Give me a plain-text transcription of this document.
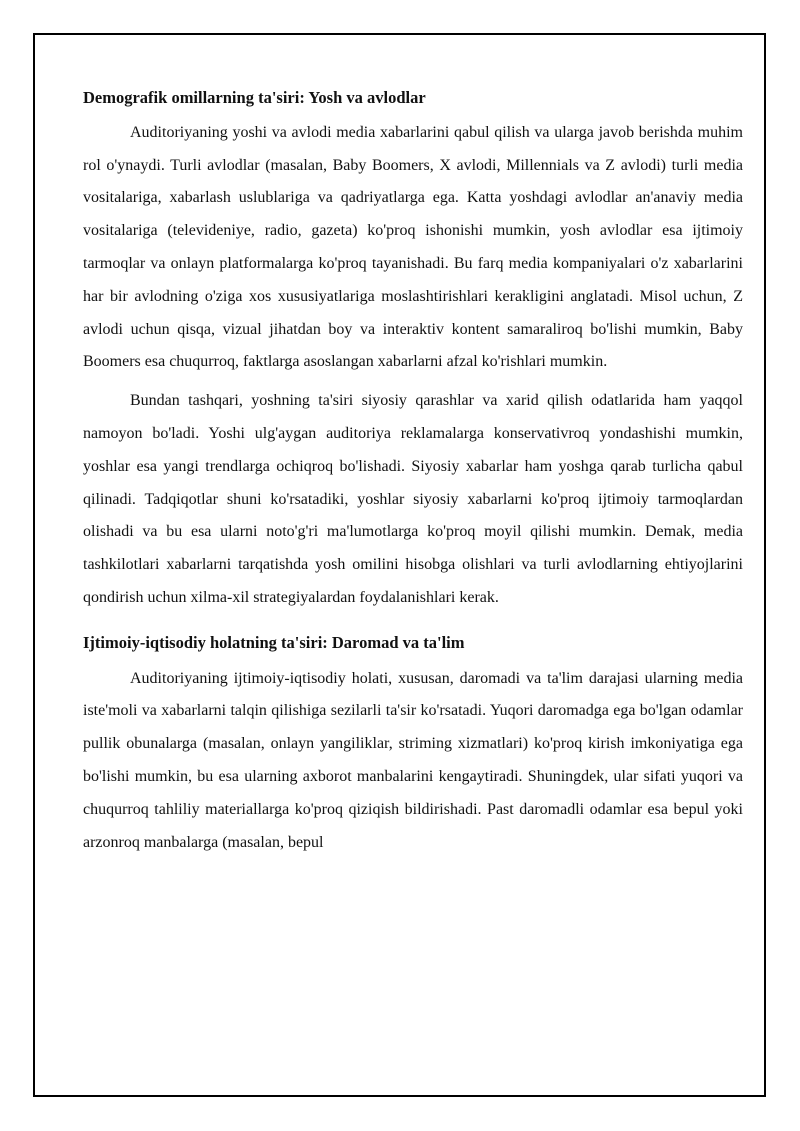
Demografik omillarning ta'siri: Yosh va avlodlar

Auditoriyaning yoshi va avlodi media xabarlarini qabul qilish va ularga javob berishda muhim rol o'ynaydi. Turli avlodlar (masalan, Baby Boomers, X avlodi, Millennials va Z avlodi) turli media vositalariga, xabarlash uslublariga va qadriyatlarga ega. Katta yoshdagi avlodlar an'anaviy media vositalariga (televideniye, radio, gazeta) ko'proq ishonishi mumkin, yosh avlodlar esa ijtimoiy tarmoqlar va onlayn platformalarga ko'proq tayanishadi. Bu farq media kompaniyalari o'z xabarlarini har bir avlodning o'ziga xos xususiyatlariga moslashtirishlari kerakligini anglatadi. Misol uchun, Z avlodi uchun qisqa, vizual jihatdan boy va interaktiv kontent samaraliroq bo'lishi mumkin, Baby Boomers esa chuqurroq, faktlarga asoslangan xabarlarni afzal ko'rishlari mumkin.

Bundan tashqari, yoshning ta'siri siyosiy qarashlar va xarid qilish odatlarida ham yaqqol namoyon bo'ladi. Yoshi ulg'aygan auditoriya reklamalarga konservativroq yondashishi mumkin, yoshlar esa yangi trendlarga ochiqroq bo'lishadi. Siyosiy xabarlar ham yoshga qarab turlicha qabul qilinadi. Tadqiqotlar shuni ko'rsatadiki, yoshlar siyosiy xabarlarni ko'proq ijtimoiy tarmoqlardan olishadi va bu esa ularni noto'g'ri ma'lumotlarga ko'proq moyil qilishi mumkin. Demak, media tashkilotlari xabarlarni tarqatishda yosh omilini hisobga olishlari va turli avlodlarning ehtiyojlarini qondirish uchun xilma-xil strategiyalardan foydalanishlari kerak.

Ijtimoiy-iqtisodiy holatning ta'siri: Daromad va ta'lim

Auditoriyaning ijtimoiy-iqtisodiy holati, xususan, daromadi va ta'lim darajasi ularning media iste'moli va xabarlarni talqin qilishiga sezilarli ta'sir ko'rsatadi. Yuqori daromadga ega bo'lgan odamlar pullik obunalarga (masalan, onlayn yangiliklar, striming xizmatlari) ko'proq kirish imkoniyatiga ega bo'lishi mumkin, bu esa ularning axborot manbalarini kengaytiradi. Shuningdek, ular sifati yuqori va chuqurroq tahliliy materiallarga ko'proq qiziqish bildirishadi. Past daromadli odamlar esa bepul yoki arzonroq manbalarga (masalan, bepul
